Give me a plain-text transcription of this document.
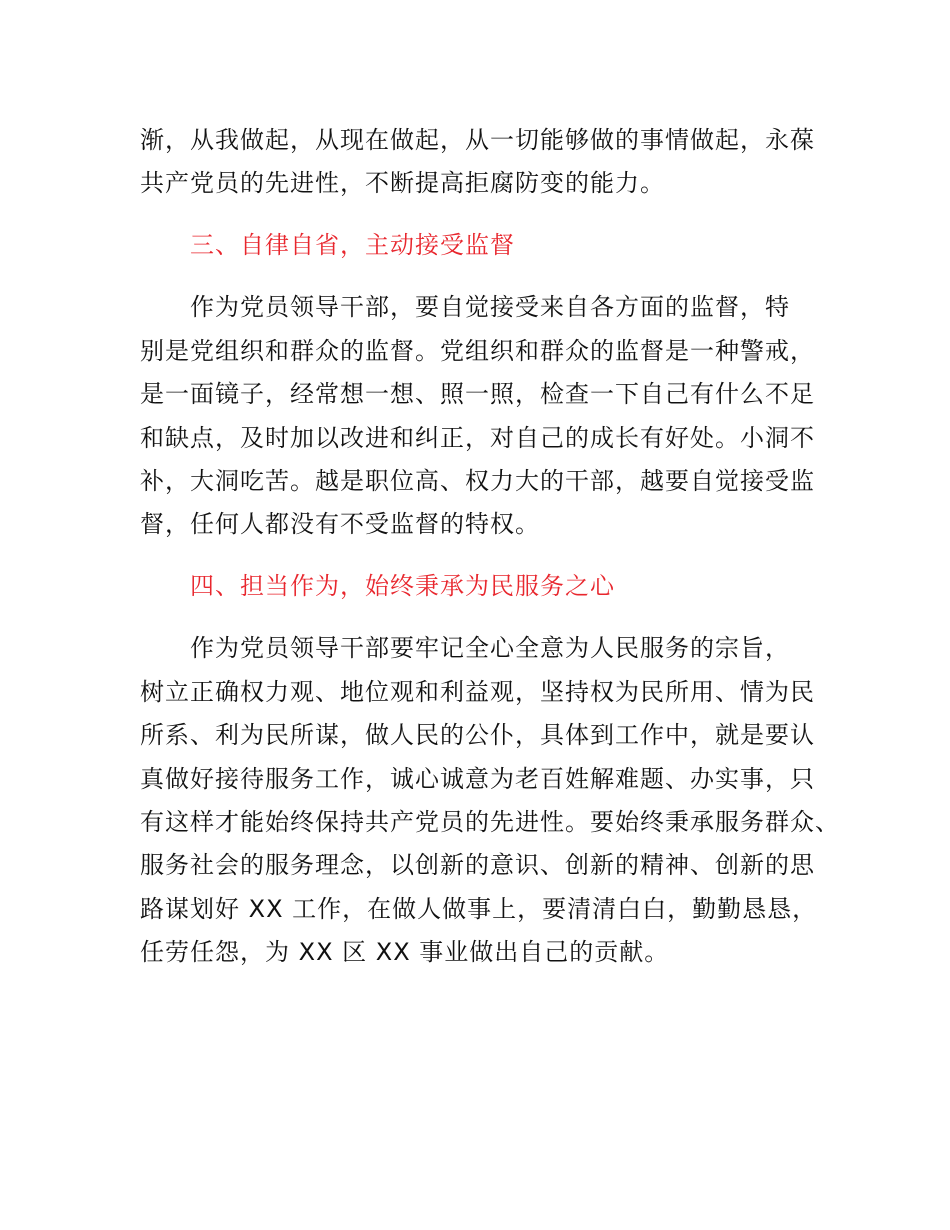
渐，从我做起，从现在做起，从一切能够做的事情做起，永葆
共产党员的先进性，不断提高拒腐防变的能力。
三、自律自省，主动接受监督
作为党员领导干部，要自觉接受来自各方面的监督，特
别是党组织和群众的监督。党组织和群众的监督是一种警戒，
是一面镜子，经常想一想、照一照，检查一下自己有什么不足
和缺点，及时加以改进和纠正，对自己的成长有好处。小洞不
补，大洞吃苦。越是职位高、权力大的干部，越要自觉接受监
督，任何人都没有不受监督的特权。
四、担当作为，始终秉承为民服务之心
作为党员领导干部要牢记全心全意为人民服务的宗旨，
树立正确权力观、地位观和利益观，坚持权为民所用、情为民
所系、利为民所谋，做人民的公仆，具体到工作中，就是要认
真做好接待服务工作，诚心诚意为老百姓解难题、办实事，只
有这样才能始终保持共产党员的先进性。要始终秉承服务群众、
服务社会的服务理念，以创新的意识、创新的精神、创新的思
路谋划好 XX 工作，在做人做事上，要清清白白，勤勤恳恳，
任劳任怨，为 XX 区 XX 事业做出自己的贡献。
